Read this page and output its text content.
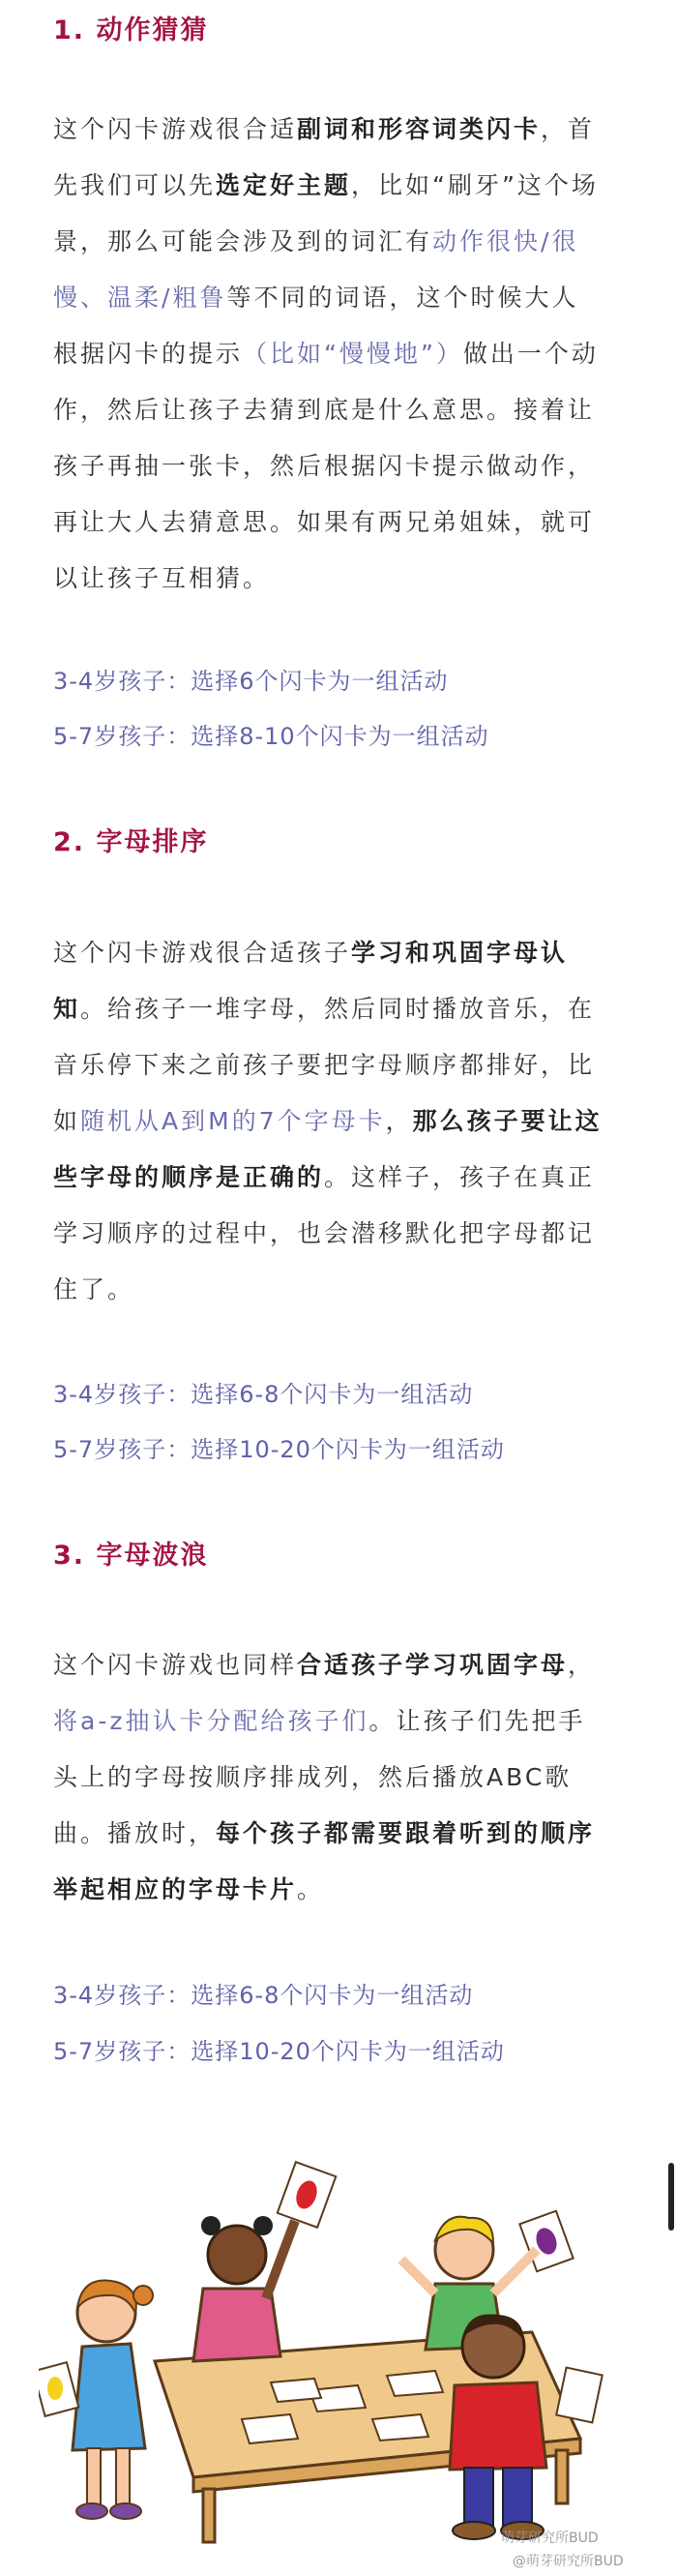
1. 动作猜猜
这个闪卡游戏很合适副词和形容词类闪卡，首
先我们可以先选定好主题，比如“刷牙”这个场
景，那么可能会涉及到的词汇有动作很快/很
慢、温柔/粗鲁等不同的词语，这个时候大人
根据闪卡的提示（比如“慢慢地”）做出一个动
作，然后让孩子去猜到底是什么意思。接着让
孩子再抽一张卡，然后根据闪卡提示做动作，
再让大人去猜意思。如果有两兄弟姐妹，就可
以让孩子互相猜。
3-4岁孩子：选择6个闪卡为一组活动
5-7岁孩子：选择8-10个闪卡为一组活动
2. 字母排序
这个闪卡游戏很合适孩子学习和巩固字母认
知。给孩子一堆字母，然后同时播放音乐，在
音乐停下来之前孩子要把字母顺序都排好，比
如随机从A到M的7个字母卡，那么孩子要让这
些字母的顺序是正确的。这样子，孩子在真正
学习顺序的过程中，也会潜移默化把字母都记
住了。
3-4岁孩子：选择6-8个闪卡为一组活动
5-7岁孩子：选择10-20个闪卡为一组活动
3. 字母波浪
这个闪卡游戏也同样合适孩子学习巩固字母，
将a-z抽认卡分配给孩子们。让孩子们先把手
头上的字母按顺序排成列，然后播放ABC歌
曲。播放时，每个孩子都需要跟着听到的顺序
举起相应的字母卡片。
3-4岁孩子：选择6-8个闪卡为一组活动
5-7岁孩子：选择10-20个闪卡为一组活动
萌芽研究所BUD
@萌芽研究所BUD
